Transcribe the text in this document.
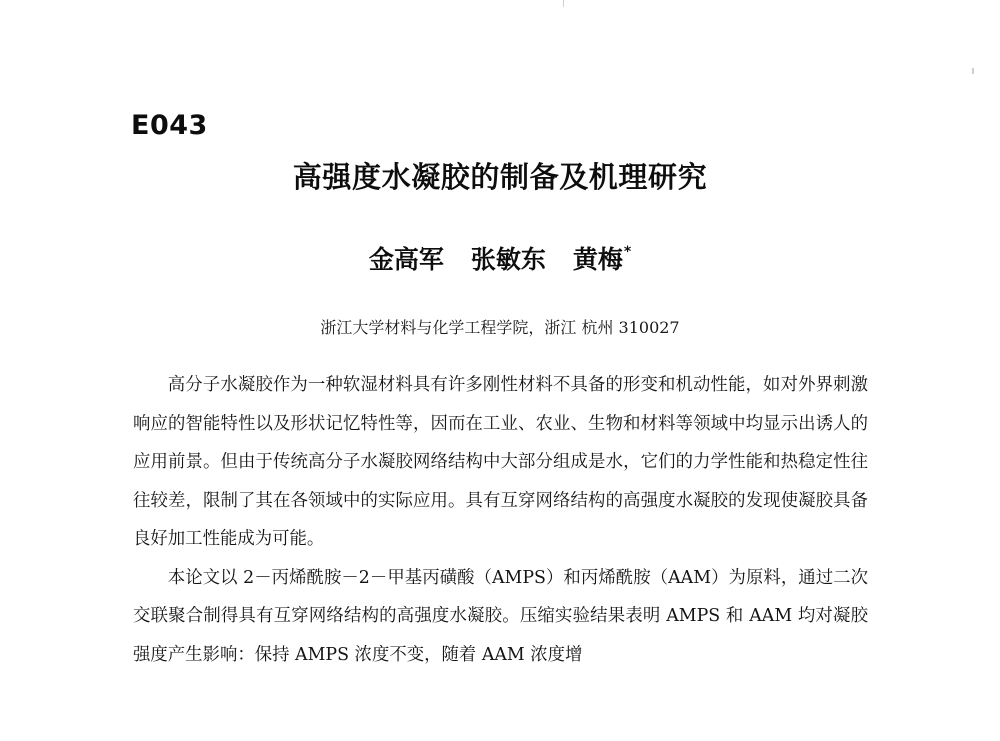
E043
高强度水凝胶的制备及机理研究
金高军 张敏东 黄梅*
浙江大学材料与化学工程学院，浙江 杭州 310027

高分子水凝胶作为一种软湿材料具有许多刚性材料不具备的形变和机动性能，如对外界刺激响应的智能特性以及形状记忆特性等，因而在工业、农业、生物和材料等领域中均显示出诱人的应用前景。但由于传统高分子水凝胶网络结构中大部分组成是水，它们的力学性能和热稳定性往往较差，限制了其在各领域中的实际应用。具有互穿网络结构的高强度水凝胶的发现使凝胶具备良好加工性能成为可能。

本论文以 2－丙烯酰胺－2－甲基丙磺酸（AMPS）和丙烯酰胺（AAM）为原料，通过二次交联聚合制得具有互穿网络结构的高强度水凝胶。压缩实验结果表明 AMPS 和 AAM 均对凝胶强度产生影响：保持 AMPS 浓度不变，随着 AAM 浓度增
